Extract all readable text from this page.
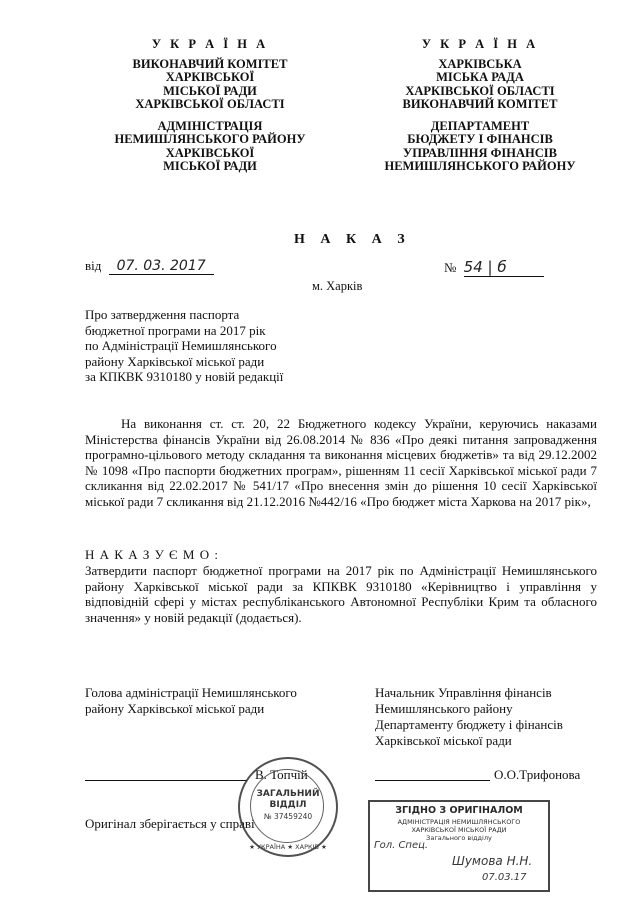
У К Р А Ї Н А
ВИКОНАВЧИЙ КОМІТЕТ
ХАРКІВСЬКОЇ
МІСЬКОЇ РАДИ
ХАРКІВСЬКОЇ ОБЛАСТІ
АДМІНІСТРАЦІЯ
НЕМИШЛЯНСЬКОГО РАЙОНУ
ХАРКІВСЬКОЇ
МІСЬКОЇ РАДИ
У К Р А Ї Н А
ХАРКІВСЬКА
МІСЬКА РАДА
ХАРКІВСЬКОЇ ОБЛАСТІ
ВИКОНАВЧИЙ КОМІТЕТ
ДЕПАРТАМЕНТ
БЮДЖЕТУ І ФІНАНСІВ
УПРАВЛІННЯ ФІНАНСІВ
НЕМИШЛЯНСЬКОГО РАЙОНУ
Н А К А З
від 07. 03. 2017
м. Харків
№ 54 | б
Про затвердження паспорта
бюджетної програми на 2017 рік
по Адміністрації Немишлянського
району Харківської міської ради
за КПКВК 9310180 у новій редакції
На виконання ст. ст. 20, 22 Бюджетного кодексу України, керуючись наказами Міністерства фінансів України від 26.08.2014 № 836 «Про деякі питання запровадження програмно-цільового методу складання та виконання місцевих бюджетів» та від 29.12.2002 № 1098 «Про паспорти бюджетних програм», рішенням 11 сесії Харківської міської ради 7 скликання від 22.02.2017 № 541/17 «Про внесення змін до рішення 10 сесії Харківської міської ради 7 скликання від 21.12.2016 №442/16 «Про бюджет міста Харкова на 2017 рік»,
Н А К А З У Є М О :
Затвердити паспорт бюджетної програми на 2017 рік по Адміністрації Немишлянського району Харківської міської ради за КПКВК 9310180 «Керівництво і управління у відповідній сфері у містах республіканського Автономної Республіки Крим та обласного значення» у новій редакції (додається).
Голова адміністрації Немишлянського
району Харківської міської ради
Начальник Управління фінансів
Немишлянського району
Департаменту бюджету і фінансів
Харківської міської ради
В. Топчій	О.О.Трифонова
Оригінал зберігається у справі
ЗАГАЛЬНИЙ
ВІДДІЛ
№ 37459240
★ УКРАЇНА ★ ХАРКІВ ★
ЗГІДНО З ОРИГІНАЛОМ
АДМІНІСТРАЦІЯ НЕМИШЛЯНСЬКОГО
ХАРКІВСЬКОЇ МІСЬКОЇ РАДИ
Загального відділу
Гол. Спец.
Шумова Н.Н.
07.03.17
